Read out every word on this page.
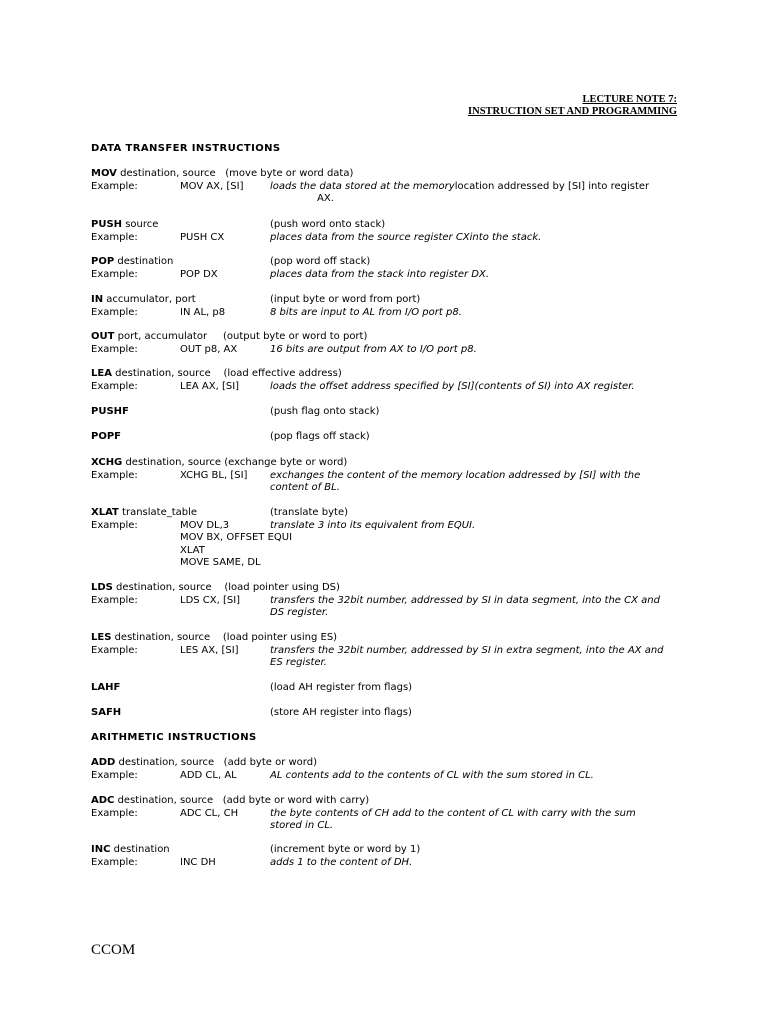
LECTURE NOTE 7:
INSTRUCTION SET AND PROGRAMMING
DATA TRANSFER INSTRUCTIONS
MOV destination, source (move byte or word data)
Example:	MOV AX, [SI]	loads the data stored at the memorylocation addressed by [SI] into register
AX.
PUSH source	(push word onto stack)
Example:	PUSH CX	places data from the source register CXinto the stack.
POP destination	(pop word off stack)
Example:	POP DX	places data from the stack into register DX.
IN accumulator, port	(input byte or word from port)
Example:	IN AL, p8	8 bits are input to AL from I/O port p8.
OUT port, accumulator (output byte or word to port)
Example:	OUT p8, AX	16 bits are output from AX to I/O port p8.
LEA destination, source (load effective address)
Example:	LEA AX, [SI]	loads the offset address specified by [SI](contents of SI) into AX register.
PUSHF	(push flag onto stack)
POPF	(pop flags off stack)
XCHG destination, source (exchange byte or word)
Example:	XCHG BL, [SI]	exchanges the content of the memory location addressed by [SI] with the content of BL.
XLAT translate_table	(translate byte)
Example:	MOV DL,3	translate 3 into its equivalent from EQUI.
MOV BX, OFFSET EQUI
XLAT
MOVE SAME, DL
LDS destination, source (load pointer using DS)
Example:	LDS CX, [SI]	transfers the 32bit number, addressed by SI in data segment, into the CX and DS register.
LES destination, source (load pointer using ES)
Example:	LES AX, [SI]	transfers the 32bit number, addressed by SI in extra segment, into the AX and ES register.
LAHF	(load AH register from flags)
SAFH	(store AH register into flags)
ARITHMETIC INSTRUCTIONS
ADD destination, source (add byte or word)
Example:	ADD CL, AL	AL contents add to the contents of CL with the sum stored in CL.
ADC destination, source (add byte or word with carry)
Example:	ADC CL, CH	the byte contents of CH add to the content of CL with carry with the sum stored in CL.
INC destination	(increment byte or word by 1)
Example:	INC DH	adds 1 to the content of DH.
CCOM
